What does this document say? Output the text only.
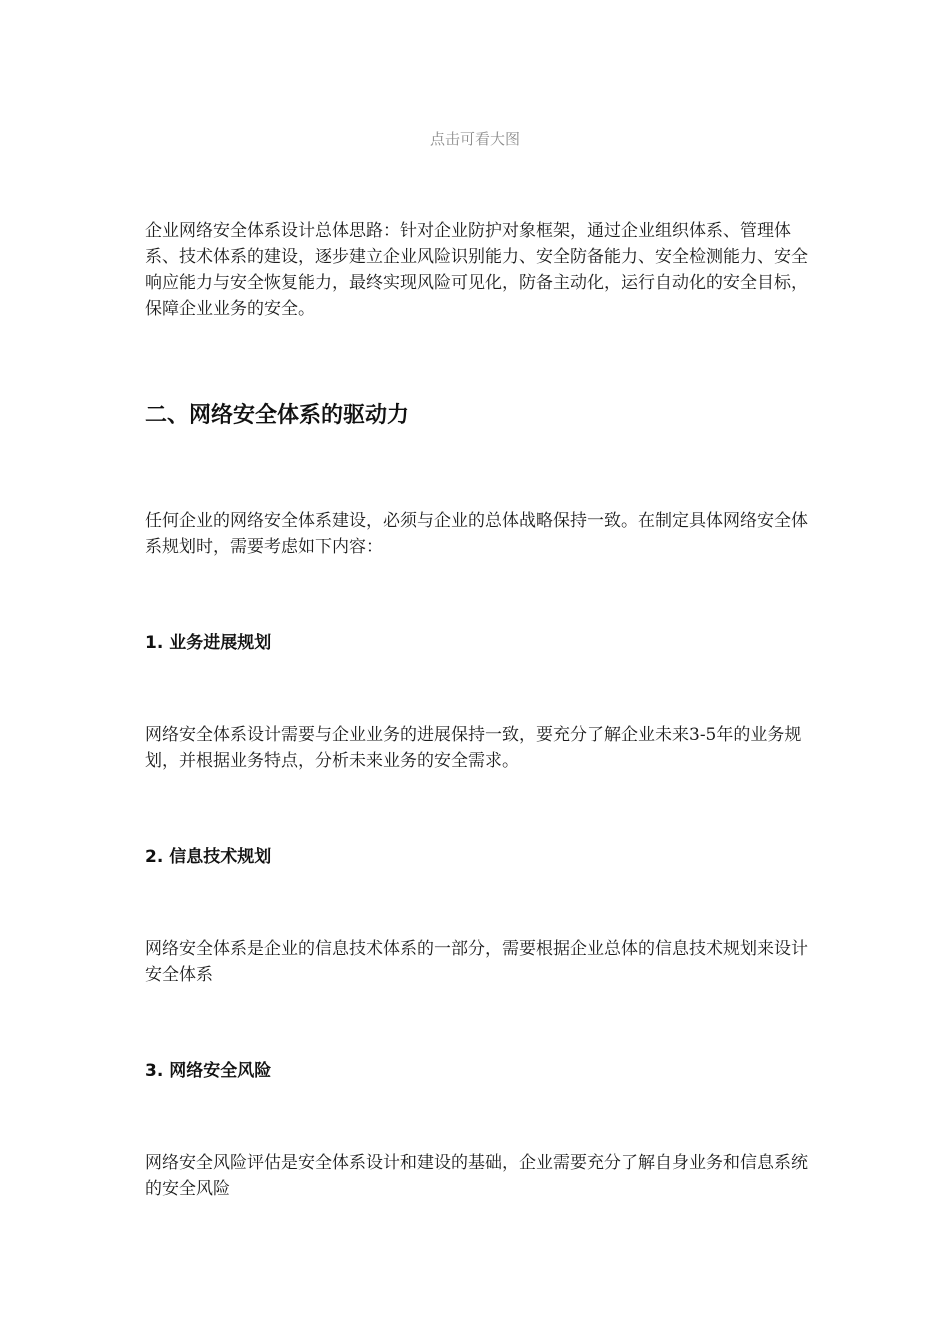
点击可看大图

企业网络安全体系设计总体思路：针对企业防护对象框架，通过企业组织体系、管理体系、技术体系的建设，逐步建立企业风险识别能力、安全防备能力、安全检测能力、安全响应能力与安全恢复能力，最终实现风险可见化，防备主动化，运行自动化的安全目标，保障企业业务的安全。

二、网络安全体系的驱动力

任何企业的网络安全体系建设，必须与企业的总体战略保持一致。在制定具体网络安全体系规划时，需要考虑如下内容：

1. 业务进展规划

网络安全体系设计需要与企业业务的进展保持一致，要充分了解企业未来3-5年的业务规划，并根据业务特点，分析未来业务的安全需求。

2. 信息技术规划

网络安全体系是企业的信息技术体系的一部分，需要根据企业总体的信息技术规划来设计安全体系

3. 网络安全风险

网络安全风险评估是安全体系设计和建设的基础，企业需要充分了解自身业务和信息系统的安全风险
